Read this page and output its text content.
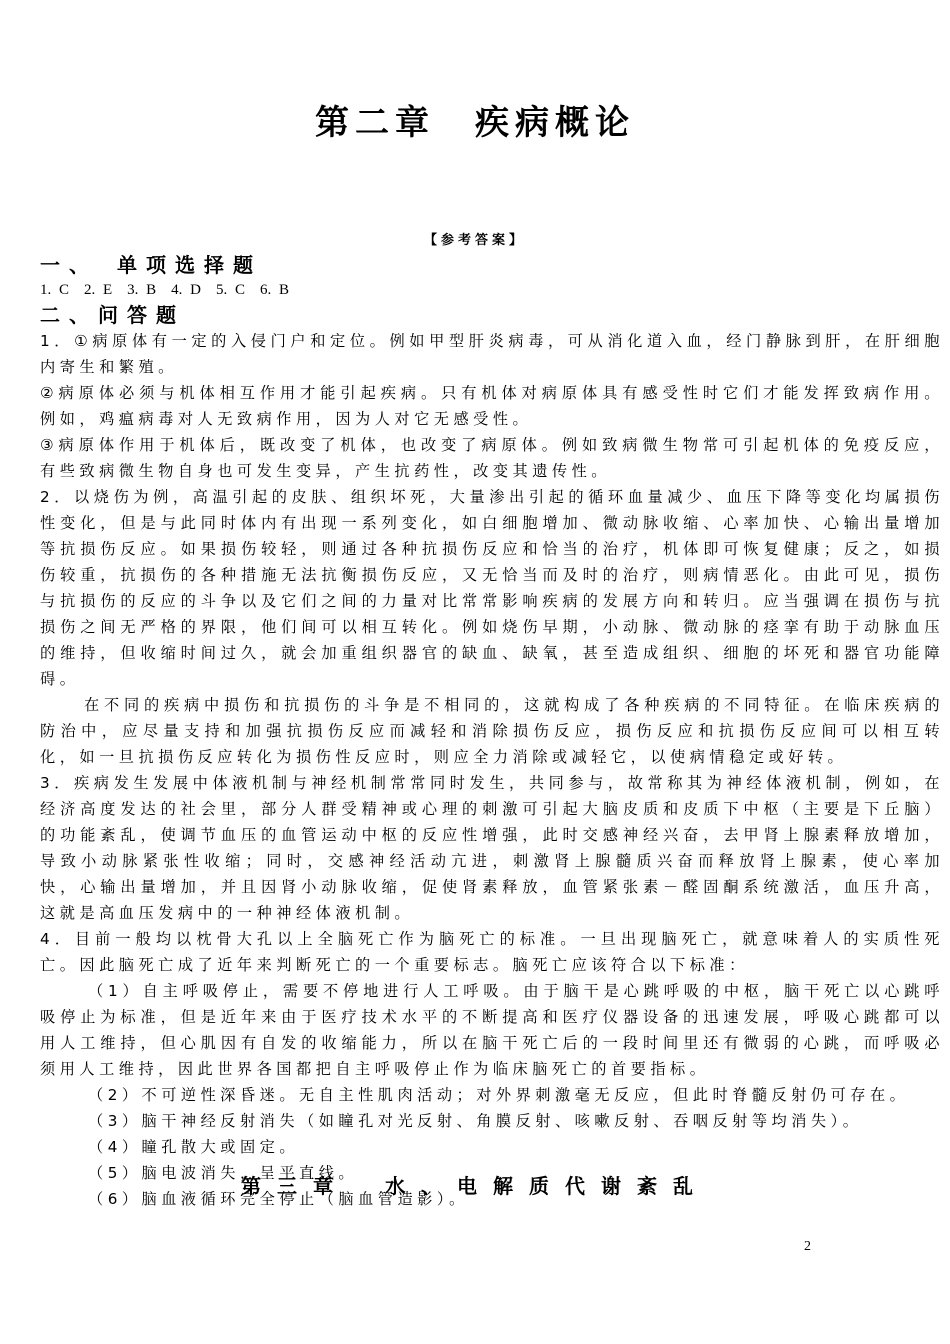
第二章　疾病概论
【参考答案】
一、　单项选择题
1. C　2. E　3. B　4. D　5. C　6. B
二、问答题

1．①病原体有一定的入侵门户和定位。例如甲型肝炎病毒，可从消化道入血，经门静脉到肝，在肝细胞内寄生和繁殖。

②病原体必须与机体相互作用才能引起疾病。只有机体对病原体具有感受性时它们才能发挥致病作用。例如，鸡瘟病毒对人无致病作用，因为人对它无感受性。

③病原体作用于机体后，既改变了机体，也改变了病原体。例如致病微生物常可引起机体的免疫反应，有些致病微生物自身也可发生变异，产生抗药性，改变其遗传性。

2．以烧伤为例，高温引起的皮肤、组织坏死，大量渗出引起的循环血量减少、血压下降等变化均属损伤性变化，但是与此同时体内有出现一系列变化，如白细胞增加、微动脉收缩、心率加快、心输出量增加等抗损伤反应。如果损伤较轻，则通过各种抗损伤反应和恰当的治疗，机体即可恢复健康；反之，如损伤较重，抗损伤的各种措施无法抗衡损伤反应，又无恰当而及时的治疗，则病情恶化。由此可见，损伤与抗损伤的反应的斗争以及它们之间的力量对比常常影响疾病的发展方向和转归。应当强调在损伤与抗损伤之间无严格的界限，他们间可以相互转化。例如烧伤早期，小动脉、微动脉的痉挛有助于动脉血压的维持，但收缩时间过久，就会加重组织器官的缺血、缺氧，甚至造成组织、细胞的坏死和器官功能障碍。

在不同的疾病中损伤和抗损伤的斗争是不相同的，这就构成了各种疾病的不同特征。在临床疾病的防治中，应尽量支持和加强抗损伤反应而减轻和消除损伤反应，损伤反应和抗损伤反应间可以相互转化，如一旦抗损伤反应转化为损伤性反应时，则应全力消除或减轻它，以使病情稳定或好转。

3．疾病发生发展中体液机制与神经机制常常同时发生，共同参与，故常称其为神经体液机制，例如，在经济高度发达的社会里，部分人群受精神或心理的刺激可引起大脑皮质和皮质下中枢（主要是下丘脑）的功能紊乱，使调节血压的血管运动中枢的反应性增强，此时交感神经兴奋，去甲肾上腺素释放增加，导致小动脉紧张性收缩；同时，交感神经活动亢进，刺激肾上腺髓质兴奋而释放肾上腺素，使心率加快，心输出量增加，并且因肾小动脉收缩，促使肾素释放，血管紧张素－醛固酮系统激活，血压升高，这就是高血压发病中的一种神经体液机制。

4．目前一般均以枕骨大孔以上全脑死亡作为脑死亡的标准。一旦出现脑死亡，就意味着人的实质性死亡。因此脑死亡成了近年来判断死亡的一个重要标志。脑死亡应该符合以下标准：

（1）自主呼吸停止，需要不停地进行人工呼吸。由于脑干是心跳呼吸的中枢，脑干死亡以心跳呼吸停止为标准，但是近年来由于医疗技术水平的不断提高和医疗仪器设备的迅速发展，呼吸心跳都可以用人工维持，但心肌因有自发的收缩能力，所以在脑干死亡后的一段时间里还有微弱的心跳，而呼吸必须用人工维持，因此世界各国都把自主呼吸停止作为临床脑死亡的首要指标。

（2）不可逆性深昏迷。无自主性肌肉活动；对外界刺激毫无反应，但此时脊髓反射仍可存在。

（3）脑干神经反射消失（如瞳孔对光反射、角膜反射、咳嗽反射、吞咽反射等均消失）。

（4）瞳孔散大或固定。

（5）脑电波消失，呈平直线。

（6）脑血液循环完全停止（脑血管造影）。

第三章　水、电解质代谢紊乱
2
